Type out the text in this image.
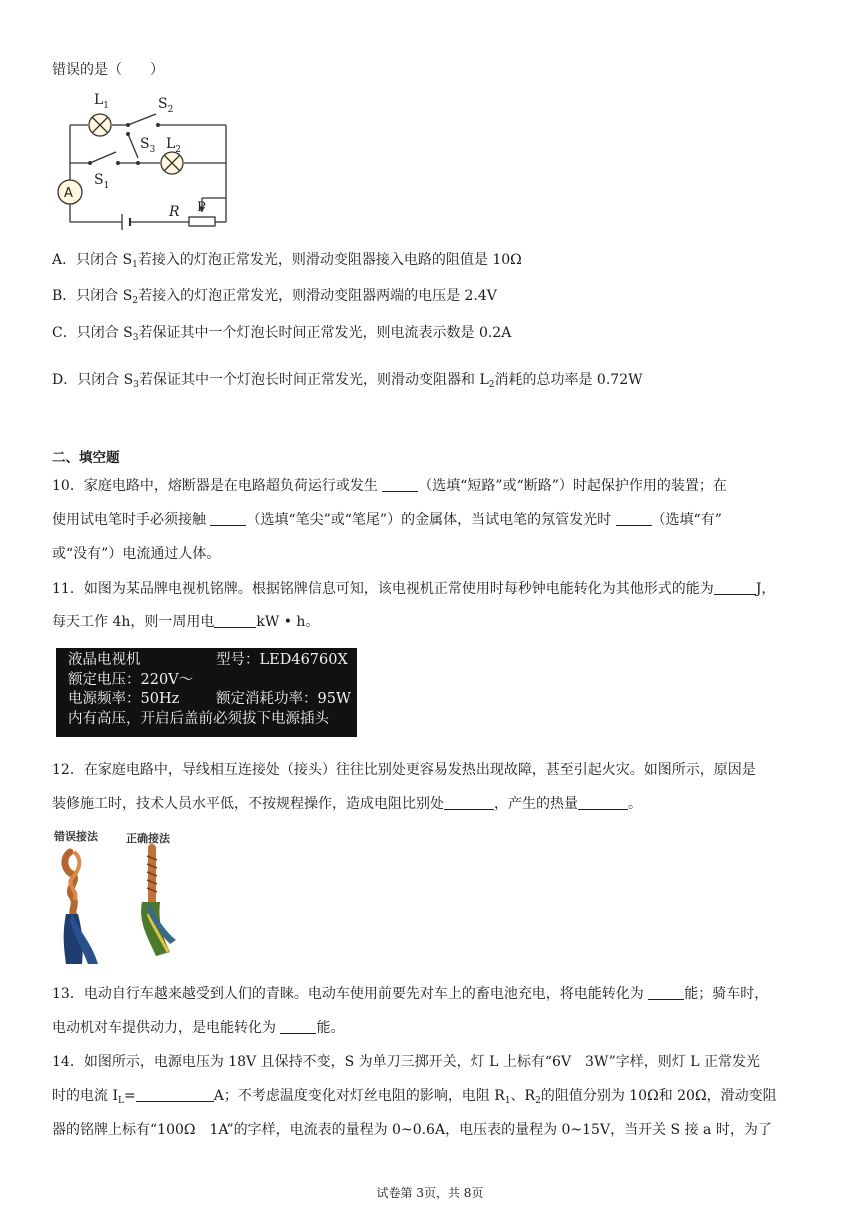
错误的是（　　）
$L_1$	$S_2$
$S_3$ $L_2$
$S_1$
A
R P
A．只闭合 $S_1$若接入的灯泡正常发光，则滑动变阻器接入电路的阻值是 10Ω
B．只闭合 $S_2$若接入的灯泡正常发光，则滑动变阻器两端的电压是 2.4V
C．只闭合 $S_3$若保证其中一个灯泡长时间正常发光，则电流表示数是 0.2A
D．只闭合 $S_3$若保证其中一个灯泡长时间正常发光，则滑动变阻器和 $L_2$消耗的总功率是 0.72W
二、填空题
10．家庭电路中，熔断器是在电路超负荷运行或发生	（选填“短路”或“断路”）时起保护作用的装置；在
使用试电笔时手必须接触	（选填“笔尖”或“笔尾”）的金属体，当试电笔的氖管发光时	（选填“有”
或“没有”）电流通过人体。
11．如图为某品牌电视机铭牌。根据铭牌信息可知，该电视机正常使用时每秒钟电能转化为其他形式的能为	J，
每天工作 4h，则一周用电	kW • h。
液晶电视机	型号：LED46760X
额定电压：220V～
电源频率：50Hz	额定消耗功率：95W
内有高压，开启后盖前必须拔下电源插头
12．在家庭电路中，导线相互连接处（接头）往往比别处更容易发热出现故障，甚至引起火灾。如图所示，原因是
装修施工时，技术人员水平低，不按规程操作，造成电阻比别处	，产生的热量	。
错误接法	正确接法
13．电动自行车越来越受到人们的青睐。电动车使用前要先对车上的畜电池充电，将电能转化为	能；骑车时，
电动机对车提供动力，是电能转化为	能。
14．如图所示，电源电压为 18V 且保持不变，S 为单刀三掷开关，灯 L 上标有“6V　3W”字样，则灯 L 正常发光
时的电流 $I_L=$	A；不考虑温度变化对灯丝电阻的影响，电阻 $R_1$、$R_2$的阻值分别为 10Ω和 20Ω，滑动变阻
器的铭牌上标有“100Ω　1A”的字样，电流表的量程为 0~0.6A，电压表的量程为 0~15V，当开关 S 接 a 时，为了
试卷第 3页，共 8页
